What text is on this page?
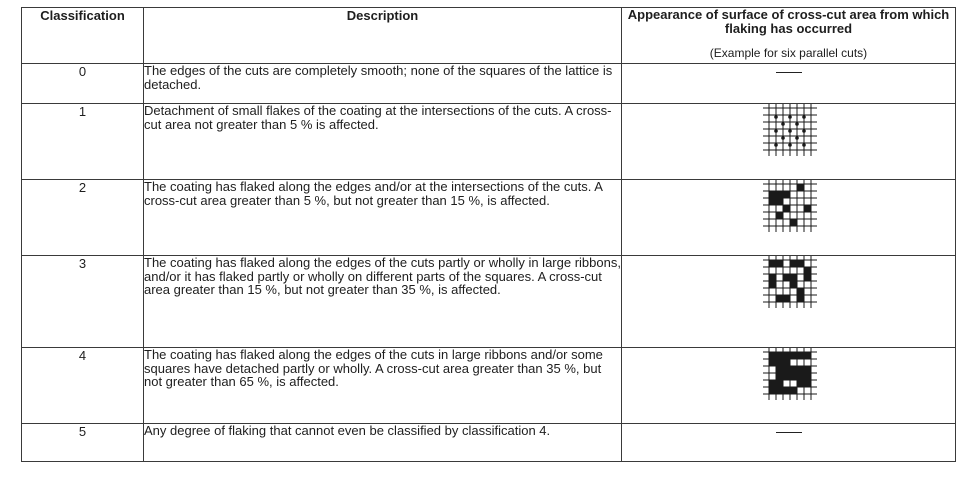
Classification	Description	Appearance of surface of cross-cut area from which flaking has occurred
(Example for six parallel cuts)

0	The edges of the cuts are completely smooth; none of the squares of the lattice is detached.	
1	Detachment of small flakes of the coating at the intersections of the cuts. A cross-cut area not greater than 5 % is affected.	

2	The coating has flaked along the edges and/or at the intersections of the cuts. A cross-cut area greater than 5 %, but not greater than 15 %, is affected.	

3	The coating has flaked along the edges of the cuts partly or wholly in large ribbons, and/or it has flaked partly or wholly on different parts of the squares. A cross-cut area greater than 15 %, but not greater than 35 %, is affected.	

4	The coating has flaked along the edges of the cuts in large ribbons and/or some squares have detached partly or wholly. A cross-cut area greater than 35 %, but not greater than 65 %, is affected.	

5	Any degree of flaking that cannot even be classified by classification 4.	
